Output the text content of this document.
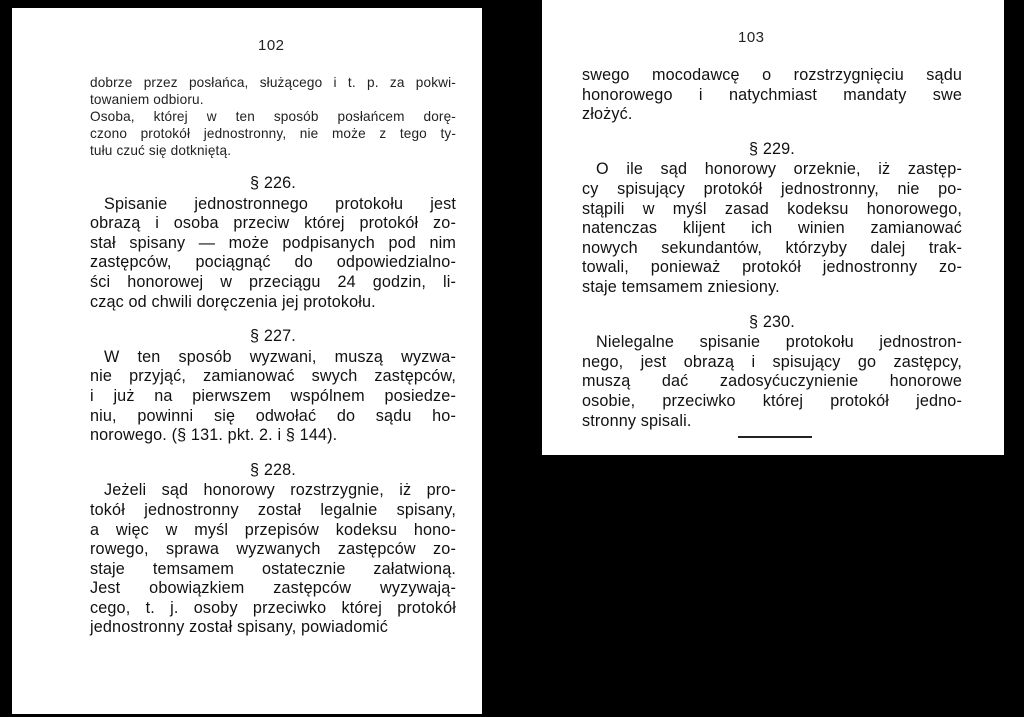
102
dobrze przez posłańca, służącego i t. p. za pokwi-
towaniem odbioru.
Osoba, której w ten sposób posłańcem dorę-
czono protokół jednostronny, nie może z tego ty-
tułu czuć się dotkniętą.
§ 226.
Spisanie jednostronnego protokołu jest
obrazą i osoba przeciw której protokół zo-
stał spisany — może podpisanych pod nim
zastępców, pociągnąć do odpowiedzialno-
ści honorowej w przeciągu 24 godzin, li-
cząc od chwili doręczenia jej protokołu.
§ 227.
W ten sposób wyzwani, muszą wyzwa-
nie przyjąć, zamianować swych zastępców,
i już na pierwszem wspólnem posiedze-
niu, powinni się odwołać do sądu ho-
norowego. (§ 131. pkt. 2. i § 144).
§ 228.
Jeżeli sąd honorowy rozstrzygnie, iż pro-
tokół jednostronny został legalnie spisany,
a więc w myśl przepisów kodeksu hono-
rowego, sprawa wyzwanych zastępców zo-
staje temsamem ostatecznie załatwioną.
Jest obowiązkiem zastępców wyzywają-
cego, t. j. osoby przeciwko której protokół
jednostronny został spisany, powiadomić
103
swego mocodawcę o rozstrzygnięciu sądu
honorowego i natychmiast mandaty swe
złożyć.
§ 229.
O ile sąd honorowy orzeknie, iż zastęp-
cy spisujący protokół jednostronny, nie po-
stąpili w myśl zasad kodeksu honorowego,
natenczas klijent ich winien zamianować
nowych sekundantów, którzyby dalej trak-
towali, ponieważ protokół jednostronny zo-
staje temsamem zniesiony.
§ 230.
Nielegalne spisanie protokołu jednostron-
nego, jest obrazą i spisujący go zastępcy,
muszą dać zadosyćuczynienie honorowe
osobie, przeciwko której protokół jedno-
stronny spisali.
